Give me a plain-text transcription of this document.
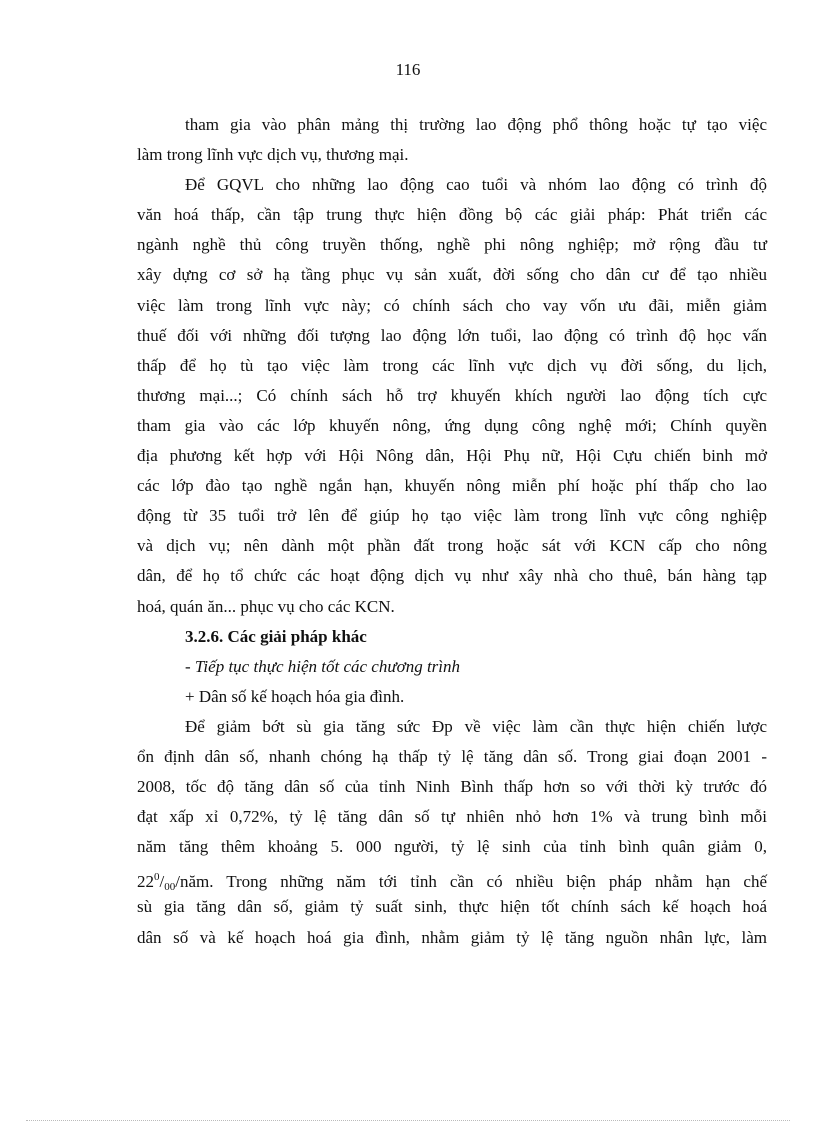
116
tham gia vào phân mảng thị trường lao động phổ thông hoặc tự tạo việc
làm trong lĩnh vực dịch vụ, thương mại.
Để GQVL cho những lao động cao tuổi và nhóm lao động có trình độ
văn hoá thấp, cần tập trung thực hiện đồng bộ các giải pháp: Phát triển các
ngành nghề thủ công truyền thống, nghề phi nông nghiệp; mở rộng đầu tư
xây dựng cơ sở hạ tầng phục vụ sản xuất, đời sống cho dân cư để tạo nhiều
việc làm trong lĩnh vực này; có chính sách cho vay vốn ưu đãi, miễn giảm
thuế đối với những đối tượng lao động lớn tuổi, lao động có trình độ học vấn
thấp để họ tù tạo việc làm trong các lĩnh vực dịch vụ đời sống, du lịch,
thương mại...; Có chính sách hỗ trợ khuyến khích người lao động tích cực
tham gia vào các lớp khuyến nông, ứng dụng công nghệ mới; Chính quyền
địa phương kết hợp với Hội Nông dân, Hội Phụ nữ, Hội Cựu chiến binh mở
các lớp đào tạo nghề ngắn hạn, khuyến nông miễn phí hoặc phí thấp cho lao
động từ 35 tuổi trở lên để giúp họ tạo việc làm trong lĩnh vực công nghiệp
và dịch vụ; nên dành một phần đất trong hoặc sát với KCN cấp cho nông
dân, để họ tổ chức các hoạt động dịch vụ như xây nhà cho thuê, bán hàng tạp
hoá, quán ăn... phục vụ cho các KCN.
3.2.6. Các giải pháp khác
- Tiếp tục thực hiện tốt các chương trình
+ Dân số kế hoạch hóa gia đình.
Để giảm bớt sù gia tăng sức Ðp về việc làm cần thực hiện chiến lược
ổn định dân số, nhanh chóng hạ thấp tỷ lệ tăng dân số. Trong giai đoạn 2001 -
2008, tốc độ tăng dân số của tỉnh Ninh Bình thấp hơn so với thời kỳ trước đó
đạt xấp xỉ 0,72%, tỷ lệ tăng dân số tự nhiên nhỏ hơn 1% và trung bình mỗi
năm tăng thêm khoảng 5. 000 người, tỷ lệ sinh của tỉnh bình quân giảm 0,
$22^0/_{00}$/năm. Trong những năm tới tỉnh cần có nhiều biện pháp nhằm hạn chế
sù gia tăng dân số, giảm tỷ suất sinh, thực hiện tốt chính sách kế hoạch hoá
dân số và kế hoạch hoá gia đình, nhằm giảm tỷ lệ tăng nguồn nhân lực, làm
